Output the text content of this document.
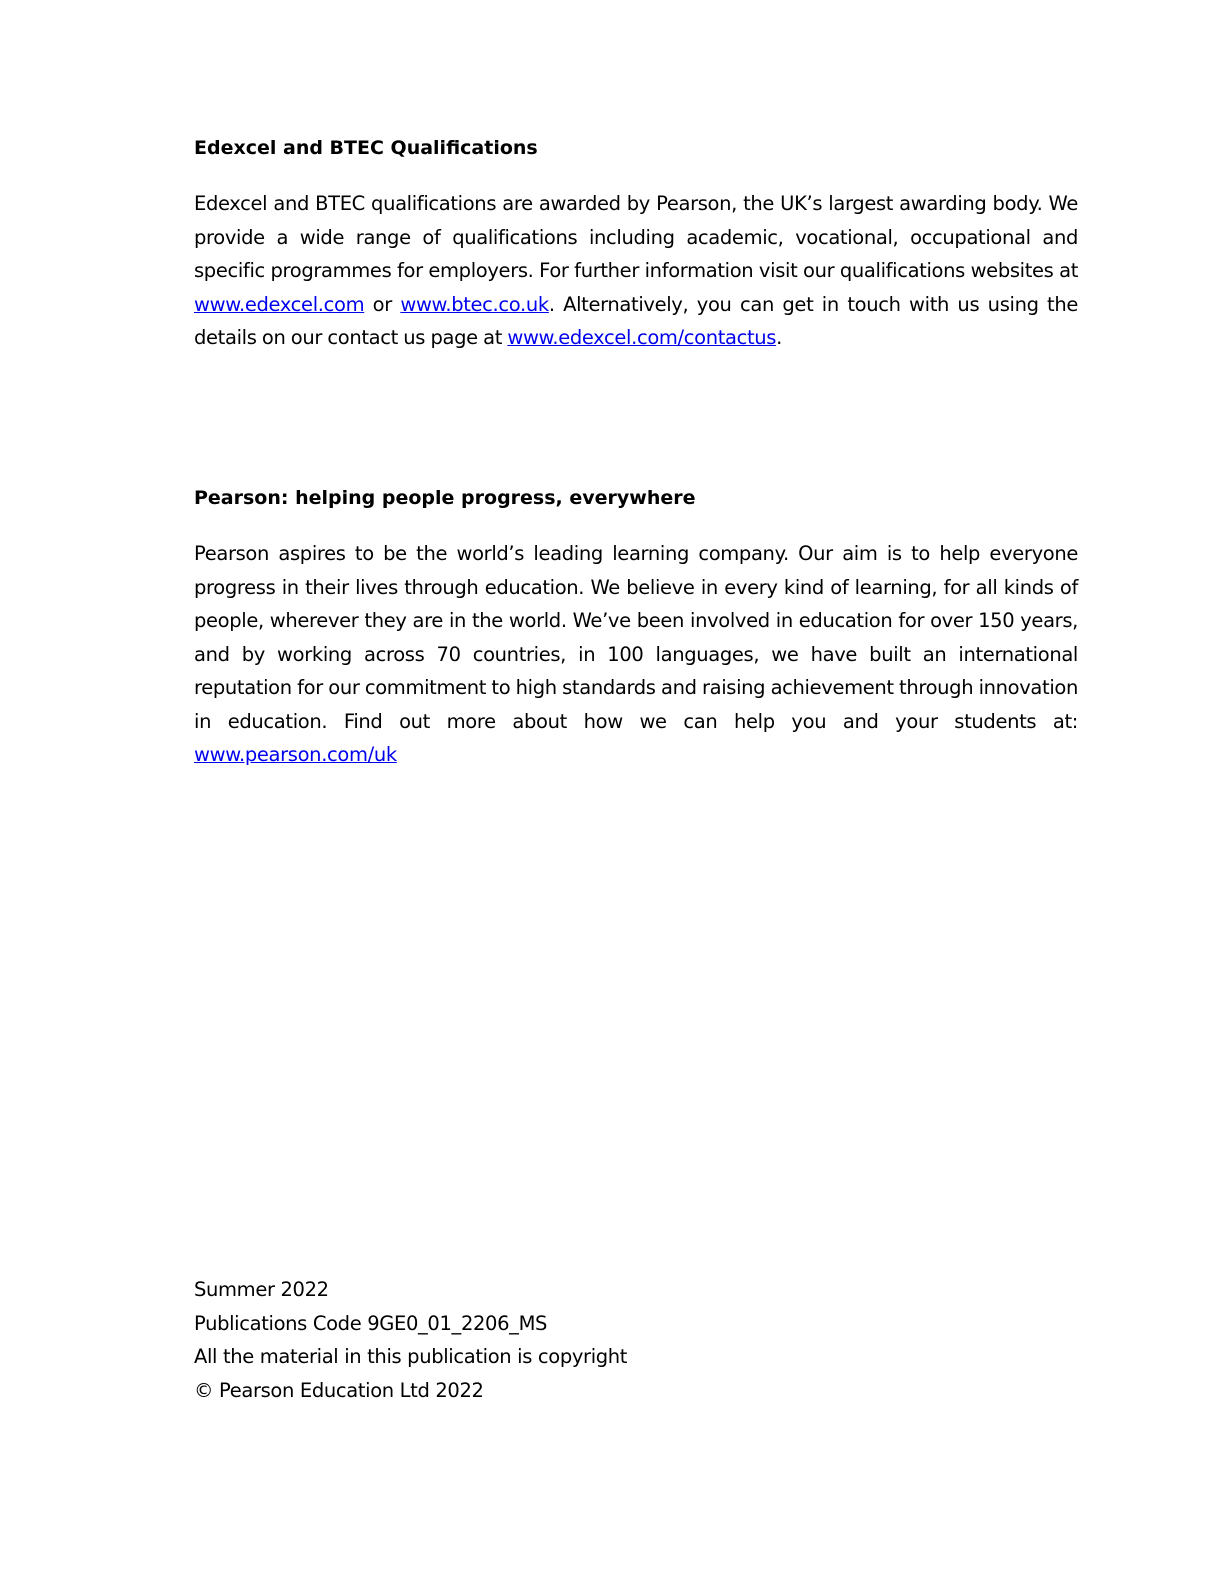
Edexcel and BTEC Qualifications

Edexcel and BTEC qualifications are awarded by Pearson, the UK’s largest awarding body. We provide a wide range of qualifications including academic, vocational, occupational and specific programmes for employers. For further information visit our qualifications websites at www.edexcel.com or www.btec.co.uk. Alternatively, you can get in touch with us using the details on our contact us page at www.edexcel.com/contactus.

Pearson: helping people progress, everywhere

Pearson aspires to be the world’s leading learning company. Our aim is to help everyone progress in their lives through education. We believe in every kind of learning, for all kinds of people, wherever they are in the world. We’ve been involved in education for over 150 years, and by working across 70 countries, in 100 languages, we have built an international reputation for our commitment to high standards and raising achievement through innovation in education. Find out more about how we can help you and your students at: www.pearson.com/uk

Summer 2022
Publications Code 9GE0_01_2206_MS
All the material in this publication is copyright
© Pearson Education Ltd 2022
